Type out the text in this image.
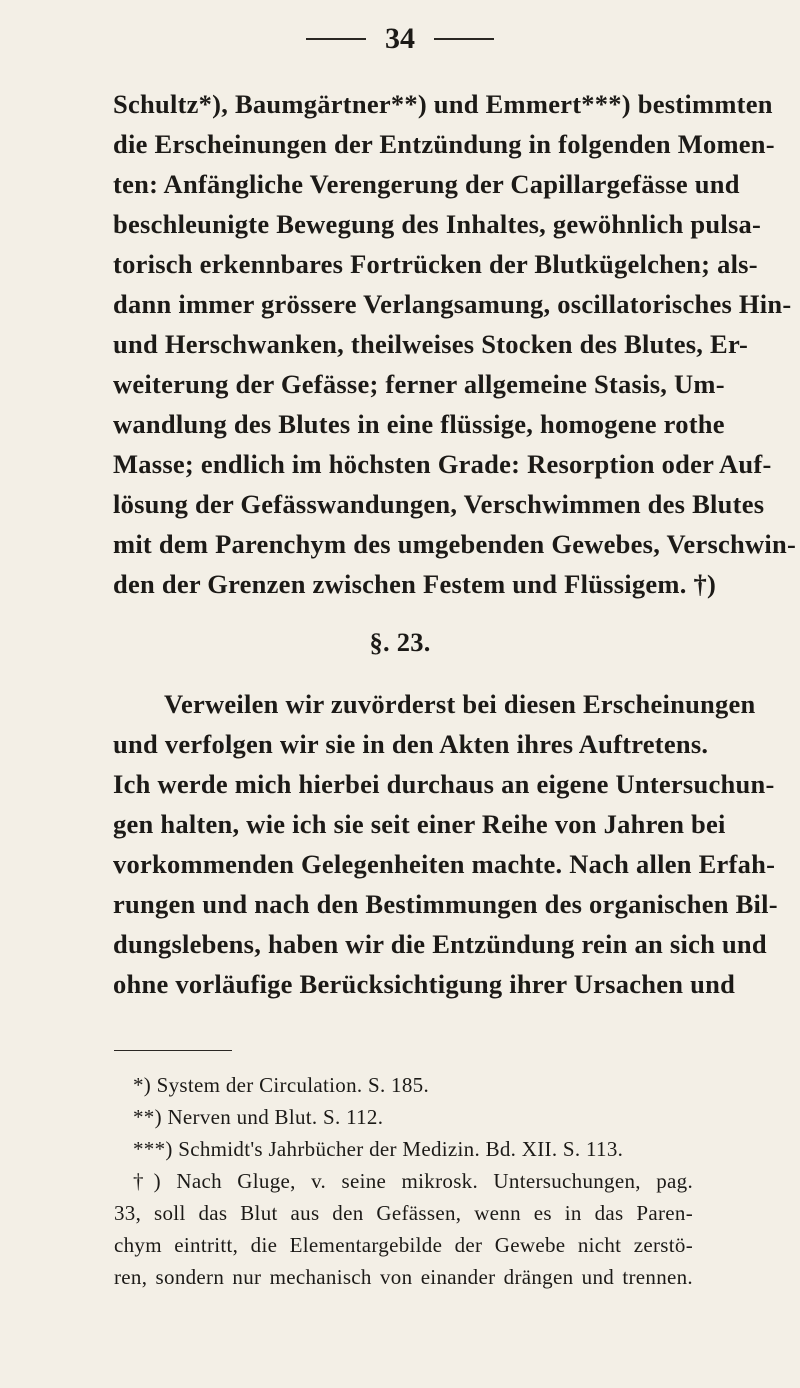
34
Schultz*), Baumgärtner**) und Emmert***) bestimmten
die Erscheinungen der Entzündung in folgenden Momen-
ten: Anfängliche Verengerung der Capillargefässe und
beschleunigte Bewegung des Inhaltes, gewöhnlich pulsa-
torisch erkennbares Fortrücken der Blutkügelchen; als-
dann immer grössere Verlangsamung, oscillatorisches Hin-
und Herschwanken, theilweises Stocken des Blutes, Er-
weiterung der Gefässe; ferner allgemeine Stasis, Um-
wandlung des Blutes in eine flüssige, homogene rothe
Masse; endlich im höchsten Grade: Resorption oder Auf-
lösung der Gefässwandungen, Verschwimmen des Blutes
mit dem Parenchym des umgebenden Gewebes, Verschwin-
den der Grenzen zwischen Festem und Flüssigem. †)
§. 23.
Verweilen wir zuvörderst bei diesen Erscheinungen
und verfolgen wir sie in den Akten ihres Auftretens.
Ich werde mich hierbei durchaus an eigene Untersuchun-
gen halten, wie ich sie seit einer Reihe von Jahren bei
vorkommenden Gelegenheiten machte. Nach allen Erfah-
rungen und nach den Bestimmungen des organischen Bil-
dungslebens, haben wir die Entzündung rein an sich und
ohne vorläufige Berücksichtigung ihrer Ursachen und
*) System der Circulation. S. 185.
**) Nerven und Blut. S. 112.
***) Schmidt's Jahrbücher der Medizin. Bd. XII. S. 113.
†) Nach Gluge, v. seine mikrosk. Untersuchungen, pag.
33, soll das Blut aus den Gefässen, wenn es in das Paren-
chym eintritt, die Elementargebilde der Gewebe nicht zerstö-
ren, sondern nur mechanisch von einander drängen und trennen.
